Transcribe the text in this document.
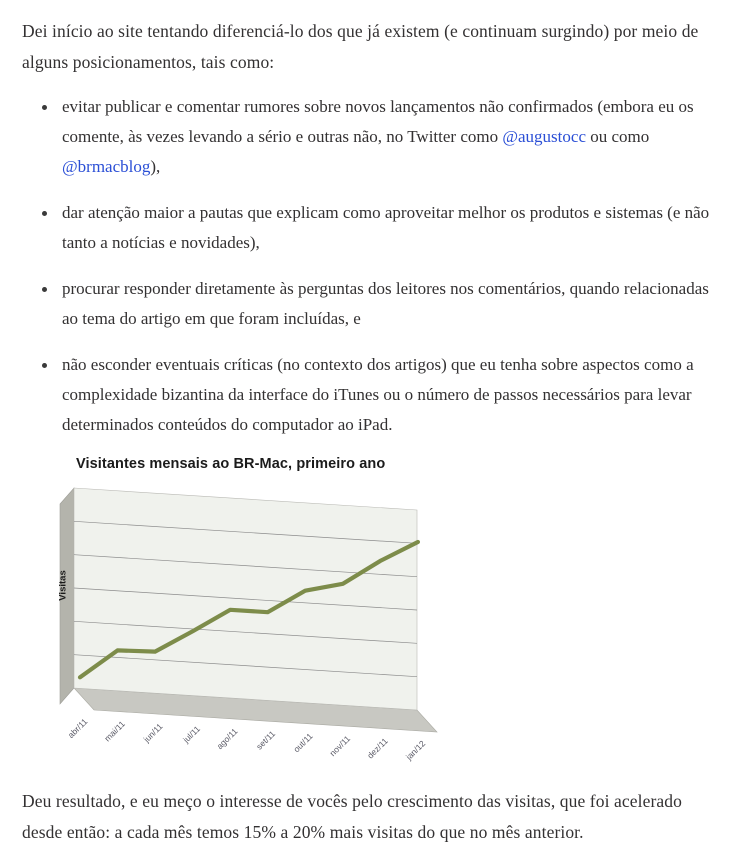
Dei início ao site tentando diferenciá-lo dos que já existem (e continuam surgindo) por meio de alguns posicionamentos, tais como:

evitar publicar e comentar rumores sobre novos lançamentos não confirmados (embora eu os comente, às vezes levando a sério e outras não, no Twitter como @augustocc ou como @brmacblog),
dar atenção maior a pautas que explicam como aproveitar melhor os produtos e sistemas (e não tanto a notícias e novidades),
procurar responder diretamente às perguntas dos leitores nos comentários, quando relacionadas ao tema do artigo em que foram incluídas, e
não esconder eventuais críticas (no contexto dos artigos) que eu tenha sobre aspectos como a complexidade bizantina da interface do iTunes ou o número de passos necessários para levar determinados conteúdos do computador ao iPad.
Visitantes mensais ao BR-Mac, primeiro ano
Visitas
abr/11 mai/11 jun/11 jul/11 ago/11 set/11 out/11 nov/11 dez/11 jan/12

Deu resultado, e eu meço o interesse de vocês pelo crescimento das visitas, que foi acelerado desde então: a cada mês temos 15% a 20% mais visitas do que no mês anterior.
